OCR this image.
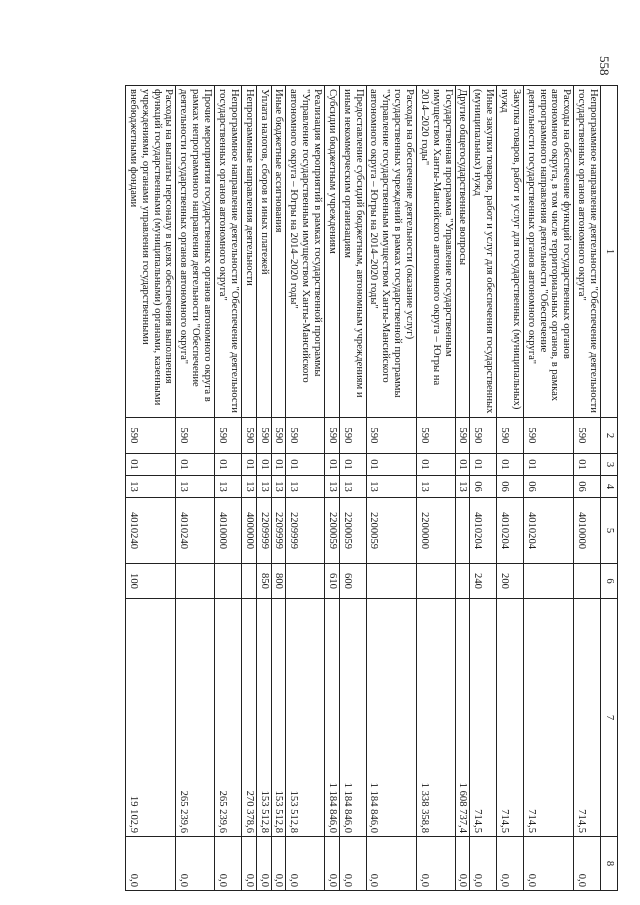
558
1	2	3	4	5	6	7	8
Непрограммное направление деятельности "Обеспечение деятельности государственных органов автономного округа"	590	01	06	4010000		714,5	0,0
Расходы на обеспечение функций государственных органов автономного округа, в том числе территориальных органов, в рамках непрограммного направления деятельности "Обеспечение деятельности государственных органов автономного округа"	590	01	06	4010204		714,5	0,0
Закупка товаров, работ и услуг для государственных (муниципальных) нужд	590	01	06	4010204	200	714,5	0,0
Иные закупки товаров, работ и услуг для обеспечения государственных (муниципальных) нужд	590	01	06	4010204	240	714,5	0,0
Другие общегосударственные вопросы	590	01	13			1 608 737,4	0,0
Государственная программа "Управление государственным имуществом Ханты-Мансийского автономного округа – Югры на 2014–2020 годы"	590	01	13	2200000		1 338 358,8	0,0
Расходы на обеспечение деятельности (оказание услуг) государственных учреждений в рамках государственной программы "Управление государственным имуществом Ханты-Мансийского автономного округа – Югры на 2014–2020 годы"	590	01	13	2200059		1 184 846,0	0,0
Предоставление субсидий бюджетным, автономным учреждениям и иным некоммерческим организациям	590	01	13	2200059	600	1 184 846,0	0,0
Субсидии бюджетным учреждениям	590	01	13	2200059	610	1 184 846,0	0,0
Реализация мероприятий в рамках государственной программы "Управление государственным имуществом Ханты-Мансийского автономного округа – Югры на 2014–2020 годы"	590	01	13	2209999		153 512,8	0,0
Иные бюджетные ассигнования	590	01	13	2209999	800	153 512,8	0,0
Уплата налогов, сборов и иных платежей	590	01	13	2209999	850	153 512,8	0,0
Непрограммные направления деятельности	590	01	13	4000000		270 378,6	0,0
Непрограммное направление деятельности "Обеспечение деятельности государственных органов автономного округа"	590	01	13	4010000		265 239,6	0,0
Прочие мероприятия государственных органов автономного округа в рамках непрограммного направления деятельности "Обеспечение деятельности государственных органов автономного округа"	590	01	13	4010240		265 239,6	0,0
Расходы на выплаты персоналу в целях обеспечения выполнения функций государственными (муниципальными) органами, казенными учреждениями, органами управления государственными внебюджетными фондами	590	01	13	4010240	100	19 102,9	0,0
